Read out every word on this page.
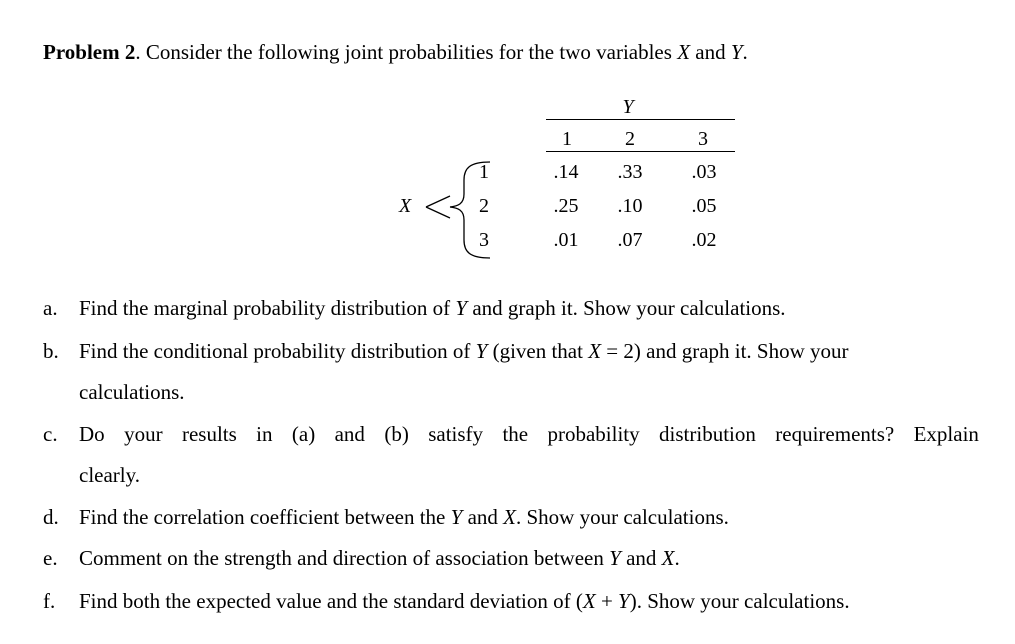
Problem 2. Consider the following joint probabilities for the two variables X and Y.
Y
1	2	3
X
1
2
3
.14 .33 .03
.25 .10 .05
.01 .07 .02
a. Find the marginal probability distribution of Y and graph it. Show your calculations.
b. Find the conditional probability distribution of Y (given that X = 2) and graph it. Show your
calculations.
c. Do your results in (a) and (b) satisfy the probability distribution requirements? Explain
clearly.
d. Find the correlation coefficient between the Y and X. Show your calculations.
e. Comment on the strength and direction of association between Y and X.
f. Find both the expected value and the standard deviation of (X + Y). Show your calculations.
